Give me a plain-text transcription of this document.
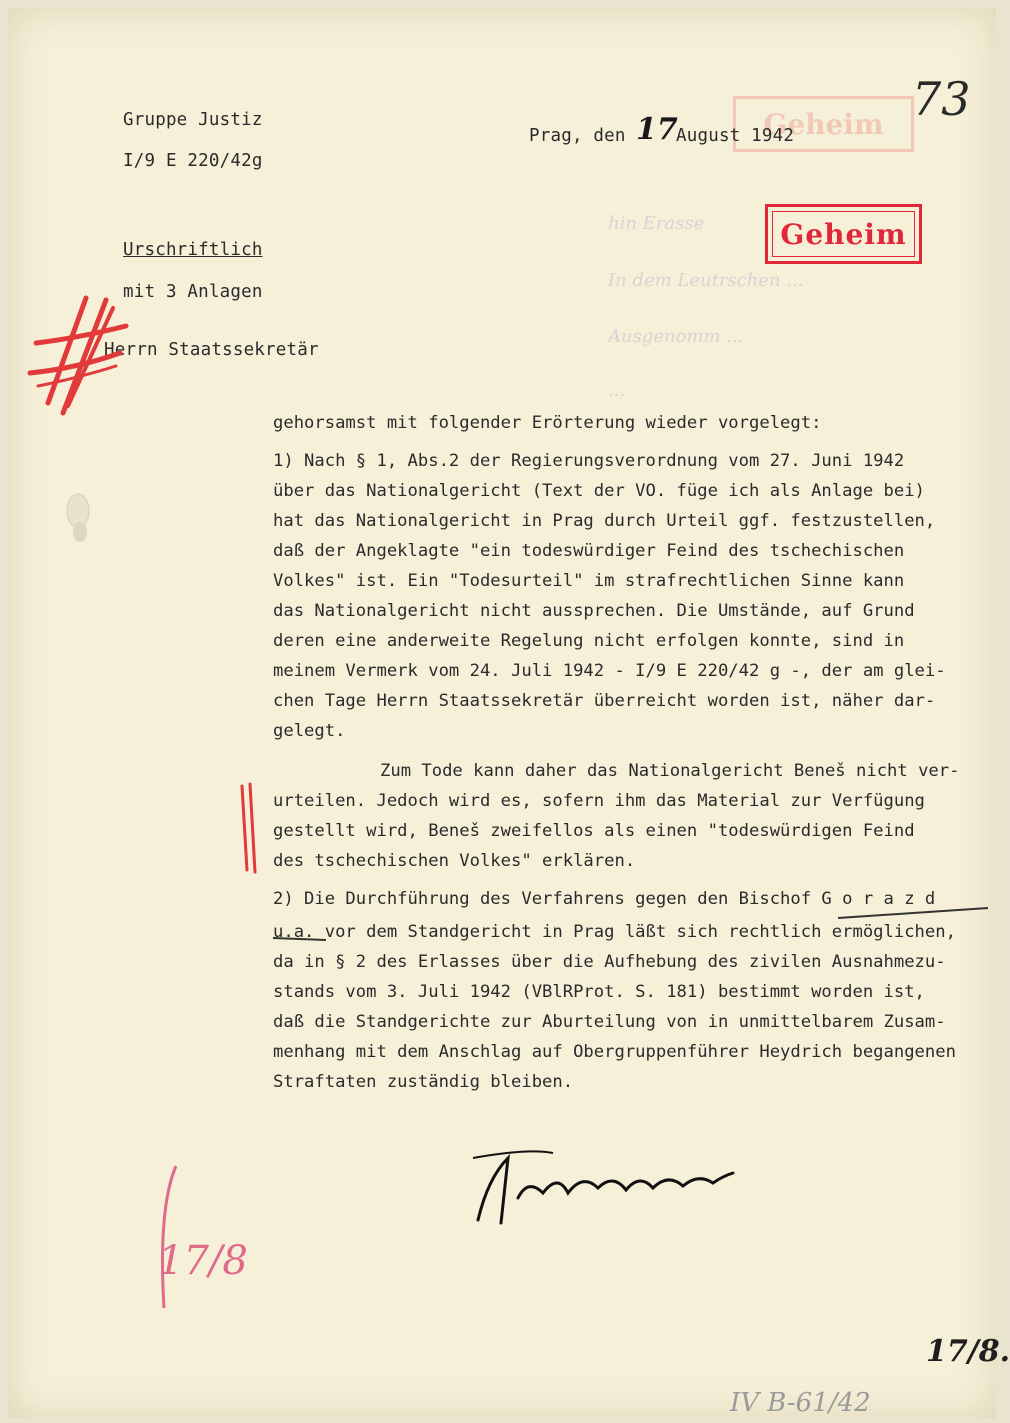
hin Erasse
In dem Leutrschen ...
Ausgenomm ...
...
Geheim
Gruppe Justiz
I/9 E 220/42g
Prag, den 17
August 1942
73
Geheim
Urschriftlich
mit 3 Anlagen
Herrn Staatssekretär
gehorsamst mit folgender Erörterung wieder vorgelegt:
1) Nach § 1, Abs.2 der Regierungsverordnung vom 27. Juni 1942
über das Nationalgericht (Text der VO. füge ich als Anlage bei)
hat das Nationalgericht in Prag durch Urteil ggf. festzustellen,
daß der Angeklagte "ein todeswürdiger Feind des tschechischen
Volkes" ist. Ein "Todesurteil" im strafrechtlichen Sinne kann
das Nationalgericht nicht aussprechen. Die Umstände, auf Grund
deren eine anderweite Regelung nicht erfolgen konnte, sind in
meinem Vermerk vom 24. Juli 1942 - I/9 E 220/42 g -, der am glei-
chen Tage Herrn Staatssekretär überreicht worden ist, näher dar-
gelegt.
Zum Tode kann daher das Nationalgericht Beneš nicht ver-
urteilen. Jedoch wird es, sofern ihm das Material zur Verfügung
gestellt wird, Beneš zweifellos als einen "todeswürdigen Feind
des tschechischen Volkes" erklären.
2) Die Durchführung des Verfahrens gegen den Bischof G o r a z d
u.a. vor dem Standgericht in Prag läßt sich rechtlich ermöglichen,
da in § 2 des Erlasses über die Aufhebung des zivilen Ausnahmezu-
stands vom 3. Juli 1942 (VBlRProt. S. 181) bestimmt worden ist,
daß die Standgerichte zur Aburteilung von in unmittelbarem Zusam-
menhang mit dem Anschlag auf Obergruppenführer Heydrich begangenen
Straftaten zuständig bleiben.
17/8
17/8.
IV B-61/42
